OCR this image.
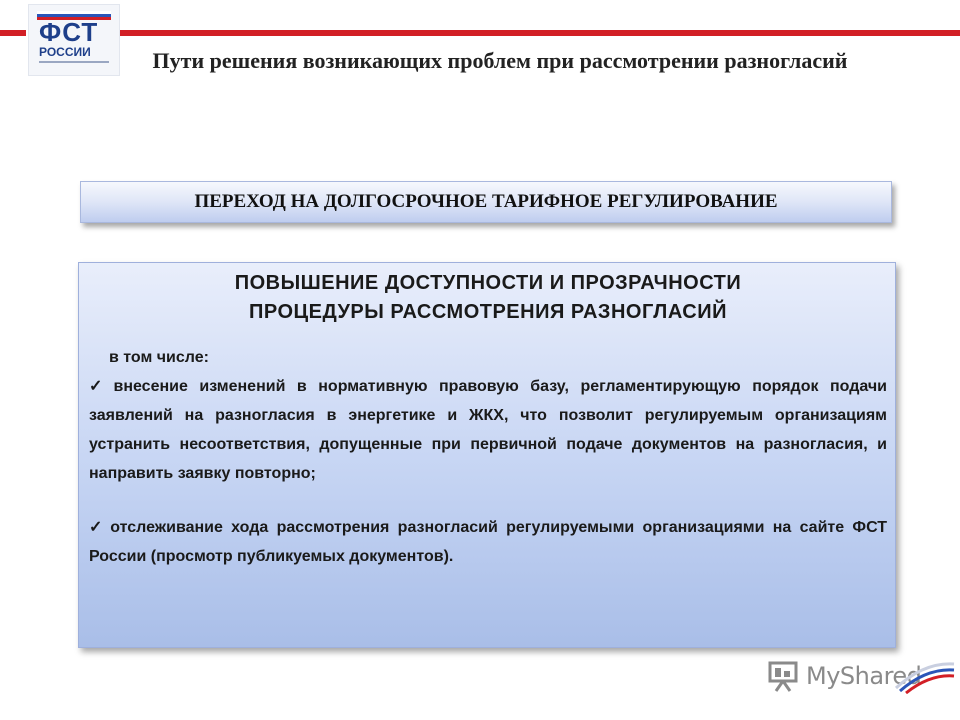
ФСТ
РОССИИ	Пути решения возникающих проблем при рассмотрении разногласий
ПЕРЕХОД НА ДОЛГОСРОЧНОЕ ТАРИФНОЕ РЕГУЛИРОВАНИЕ

ПОВЫШЕНИЕ ДОСТУПНОСТИ И ПРОЗРАЧНОСТИ

ПРОЦЕДУРЫ РАССМОТРЕНИЯ РАЗНОГЛАСИЙ

в том числе:

✓ внесение изменений в нормативную правовую базу, регламентирующую порядок подачи заявлений на разногласия в энергетике и ЖКХ, что позволит регулируемым организациям устранить несоответствия, допущенные при первичной подаче документов на разногласия, и направить заявку повторно;

✓ отслеживание хода рассмотрения разногласий регулируемыми организациями на сайте ФСТ России (просмотр публикуемых документов).

MyShared
